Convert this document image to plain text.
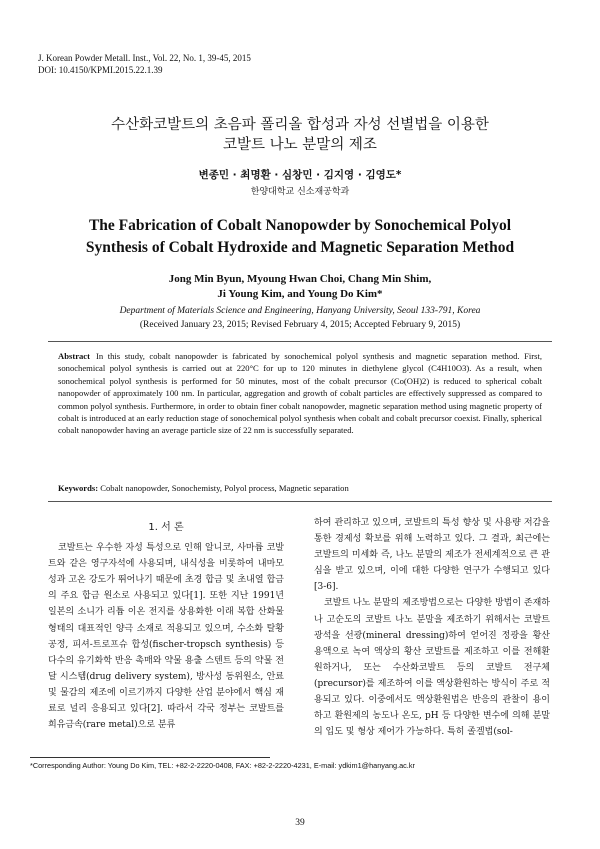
J. Korean Powder Metall. Inst., Vol. 22, No. 1, 39-45, 2015
DOI: 10.4150/KPMI.2015.22.1.39
수산화코발트의 초음파 폴리올 합성과 자성 선별법을 이용한
코발트 나노 분말의 제조
변종민 · 최명환 · 심창민 · 김지영 · 김영도*
한양대학교 신소재공학과
The Fabrication of Cobalt Nanopowder by Sonochemical Polyol
Synthesis of Cobalt Hydroxide and Magnetic Separation Method
Jong Min Byun, Myoung Hwan Choi, Chang Min Shim,
Ji Young Kim, and Young Do Kim*
Department of Materials Science and Engineering, Hanyang University, Seoul 133-791, Korea
(Received January 23, 2015; Revised February 4, 2015; Accepted February 9, 2015)
Abstract In this study, cobalt nanopowder is fabricated by sonochemical polyol synthesis and magnetic separation method. First, sonochemical polyol synthesis is carried out at 220°C for up to 120 minutes in diethylene glycol (C4H10O3). As a result, when sonochemical polyol synthesis is performed for 50 minutes, most of the cobalt precursor (Co(OH)2) is reduced to spherical cobalt nanopowder of approximately 100 nm. In particular, aggregation and growth of cobalt particles are effectively suppressed as compared to common polyol synthesis. Furthermore, in order to obtain finer cobalt nanopowder, magnetic separation method using magnetic property of cobalt is introduced at an early reduction stage of sonochemical polyol synthesis when cobalt and cobalt precursor coexist. Finally, spherical cobalt nanopowder having an average particle size of 22 nm is successfully separated.
Keywords: Cobalt nanopowder, Sonochemisty, Polyol process, Magnetic separation
1. 서 론

코발트는 우수한 자성 특성으로 인해 알니코, 사마륨 코발트와 같은 영구자석에 사용되며, 내식성을 비롯하여 내마모성과 고온 강도가 뛰어나기 때문에 초경 합금 및 초내열 합금의 주요 합금 원소로 사용되고 있다[1]. 또한 지난 1991년 일본의 소니가 리튬 이온 전지를 상용화한 이래 복합 산화물 형태의 대표적인 양극 소재로 적용되고 있으며, 수소화 탈황 공정, 피셔-트로프슈 합성(fischer-tropsch synthesis) 등 다수의 유기화학 반응 촉매와 약물 용출 스텐트 등의 약물 전달 시스템(drug delivery system), 방사성 동위원소, 안료 및 물감의 제조에 이르기까지 다양한 산업 분야에서 핵심 재료로 널리 응용되고 있다[2]. 따라서 각국 정부는 코발트를 희유금속(rare metal)으로 분류

하여 관리하고 있으며, 코발트의 특성 향상 및 사용량 저감을 통한 경제성 확보를 위해 노력하고 있다. 그 결과, 최근에는 코발트의 미세화 즉, 나노 분말의 제조가 전세계적으로 큰 관심을 받고 있으며, 이에 대한 다양한 연구가 수행되고 있다[3-6].

코발트 나노 분말의 제조방법으로는 다양한 방법이 존재하나 고순도의 코발트 나노 분말을 제조하기 위해서는 코발트 광석을 선광(mineral dressing)하여 얻어진 정광을 황산 용액으로 녹여 액상의 황산 코발트를 제조하고 이를 전해환원하거나, 또는 수산화코발트 등의 코발트 전구체(precursor)를 제조하여 이를 액상환원하는 방식이 주로 적용되고 있다. 이중에서도 액상환원법은 반응의 관찰이 용이하고 환원제의 농도나 온도, pH 등 다양한 변수에 의해 분말의 입도 및 형상 제어가 가능하다. 특히 졸겔법(sol-

*Corresponding Author: Young Do Kim, TEL: +82-2-2220-0408, FAX: +82-2-2220-4231, E-mail: ydkim1@hanyang.ac.kr
39
